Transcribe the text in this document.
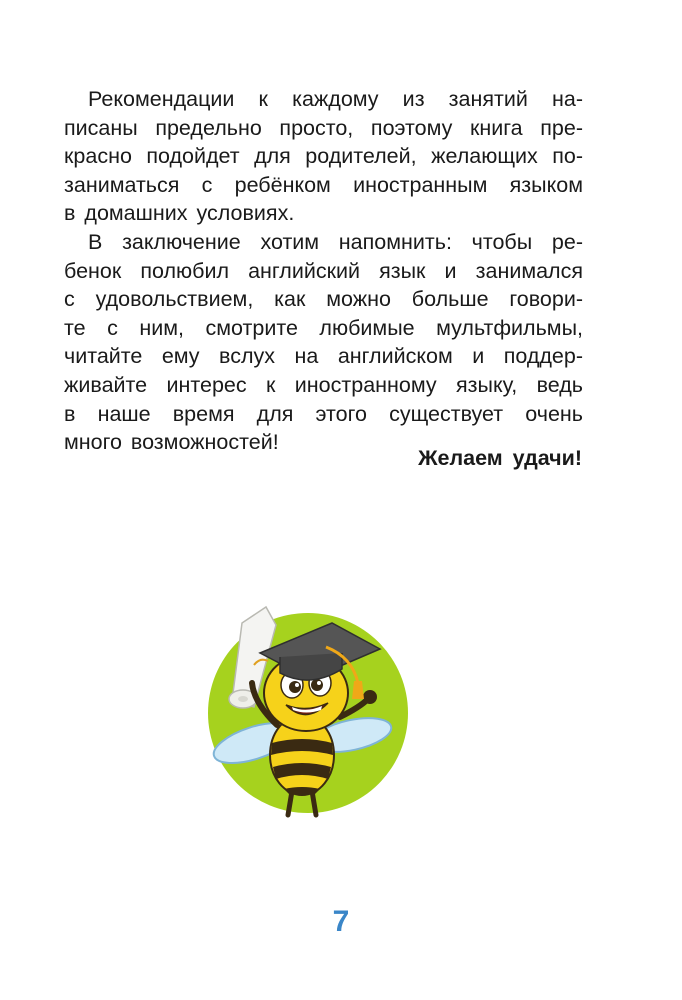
Рекомендации к каждому из занятий на-
писаны предельно просто, поэтому книга пре-
красно подойдет для родителей, желающих по-
заниматься с ребёнком иностранным языком
в домашних условиях.

В заключение хотим напомнить: чтобы ре-
бенок полюбил английский язык и занимался
с удовольствием, как можно больше говори-
те с ним, смотрите любимые мультфильмы,
читайте ему вслух на английском и поддер-
живайте интерес к иностранному языку, ведь
в наше время для этого существует очень
много возможностей!

Желаем удачи!
7
